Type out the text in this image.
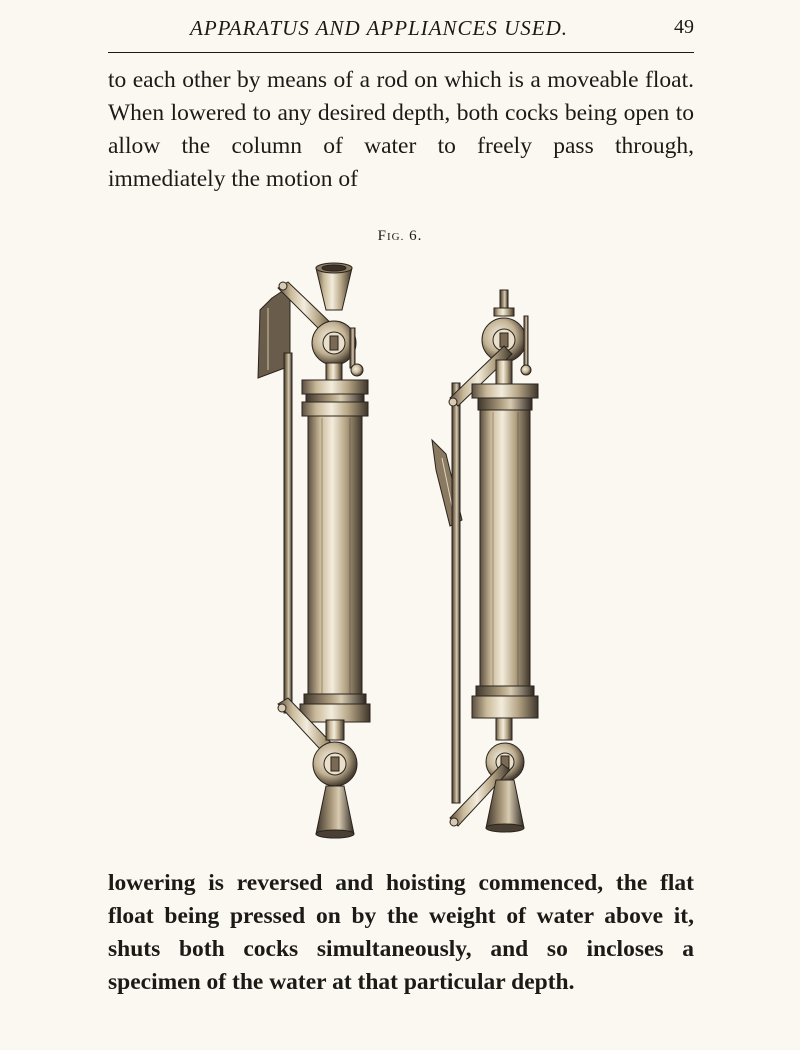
APPARATUS AND APPLIANCES USED.	49

to each other by means of a rod on which is a moveable float. When lowered to any desired depth, both cocks being open to allow the column of water to freely pass through, immediately the motion of

FIG. 6.

lowering is reversed and hoisting commenced, the flat float being pressed on by the weight of water above it, shuts both cocks simultaneously, and so incloses a specimen of the water at that particular depth.
